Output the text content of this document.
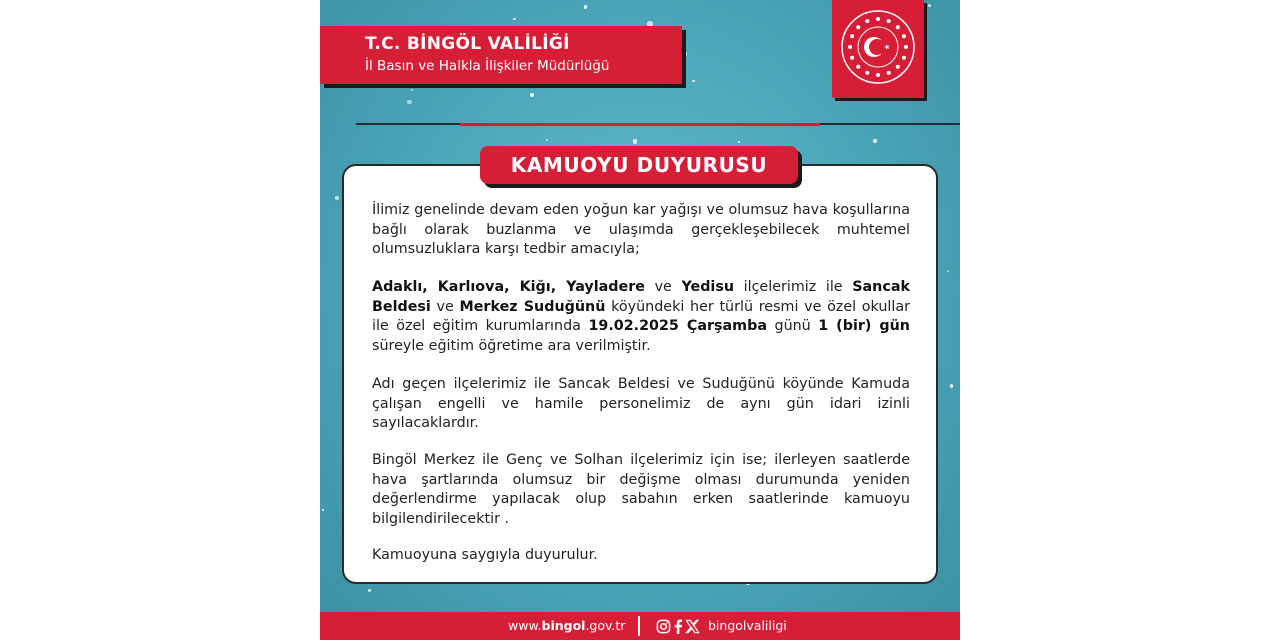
T.C. BİNGÖL VALİLİĞİ
İl Basın ve Halkla İlişkiler Müdürlüğü
KAMUOYU DUYURUSU

İlimiz genelinde devam eden yoğun kar yağışı ve olumsuz hava koşullarına bağlı olarak buzlanma ve ulaşımda gerçekleşebilecek muhtemel olumsuzluklara karşı tedbir amacıyla;

Adaklı, Karlıova, Kiğı, Yayladere ve Yedisu ilçelerimiz ile Sancak Beldesi ve Merkez Suduğünü köyündeki her türlü resmi ve özel okullar ile özel eğitim kurumlarında 19.02.2025 Çarşamba günü 1 (bir) gün süreyle eğitim öğretime ara verilmiştir.

Adı geçen ilçelerimiz ile Sancak Beldesi ve Suduğünü köyünde Kamuda çalışan engelli ve hamile personelimiz de aynı gün idari izinli sayılacaklardır.

Bingöl Merkez ile Genç ve Solhan ilçelerimiz için ise; ilerleyen saatlerde hava şartlarında olumsuz bir değişme olması durumunda yeniden değerlendirme yapılacak olup sabahın erken saatlerinde kamuoyu bilgilendirilecektir .

Kamuoyuna saygıyla duyurulur.

www.bingol.gov.tr	bingolvaliligi
